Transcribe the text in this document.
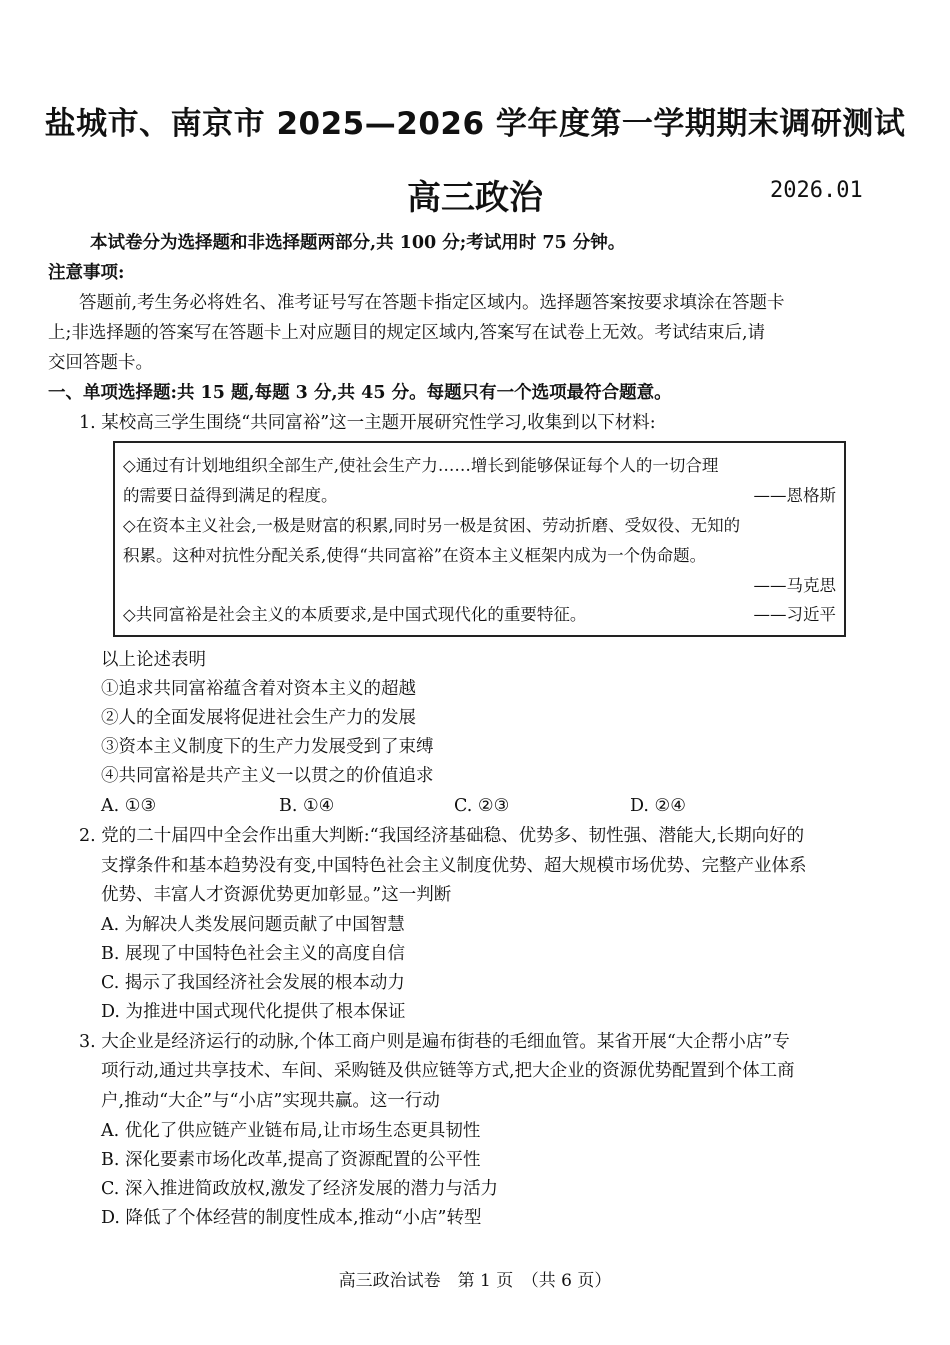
盐城市、南京市 2025—2026 学年度第一学期期末调研测试
高三政治	2026.01
本试卷分为选择题和非选择题两部分,共 100 分;考试用时 75 分钟。
注意事项:
答题前,考生务必将姓名、准考证号写在答题卡指定区域内。选择题答案按要求填涂在答题卡
上;非选择题的答案写在答题卡上对应题目的规定区域内,答案写在试卷上无效。考试结束后,请
交回答题卡。
一、单项选择题:共 15 题,每题 3 分,共 45 分。每题只有一个选项最符合题意。
1. 某校高三学生围绕“共同富裕”这一主题开展研究性学习,收集到以下材料:
◇通过有计划地组织全部生产,使社会生产力……增长到能够保证每个人的一切合理
的需要日益得到满足的程度。	——恩格斯
◇在资本主义社会,一极是财富的积累,同时另一极是贫困、劳动折磨、受奴役、无知的
积累。这种对抗性分配关系,使得“共同富裕”在资本主义框架内成为一个伪命题。
——马克思
◇共同富裕是社会主义的本质要求,是中国式现代化的重要特征。	——习近平
以上论述表明
①追求共同富裕蕴含着对资本主义的超越
②人的全面发展将促进社会生产力的发展
③资本主义制度下的生产力发展受到了束缚
④共同富裕是共产主义一以贯之的价值追求
A. ①③	B. ①④	C. ②③	D. ②④
2. 党的二十届四中全会作出重大判断:“我国经济基础稳、优势多、韧性强、潜能大,长期向好的
支撑条件和基本趋势没有变,中国特色社会主义制度优势、超大规模市场优势、完整产业体系
优势、丰富人才资源优势更加彰显。”这一判断
A. 为解决人类发展问题贡献了中国智慧
B. 展现了中国特色社会主义的高度自信
C. 揭示了我国经济社会发展的根本动力
D. 为推进中国式现代化提供了根本保证
3. 大企业是经济运行的动脉,个体工商户则是遍布街巷的毛细血管。某省开展“大企帮小店”专
项行动,通过共享技术、车间、采购链及供应链等方式,把大企业的资源优势配置到个体工商
户,推动“大企”与“小店”实现共赢。这一行动
A. 优化了供应链产业链布局,让市场生态更具韧性
B. 深化要素市场化改革,提高了资源配置的公平性
C. 深入推进简政放权,激发了经济发展的潜力与活力
D. 降低了个体经营的制度性成本,推动“小店”转型
高三政治试卷　第 1 页　（共 6 页）
